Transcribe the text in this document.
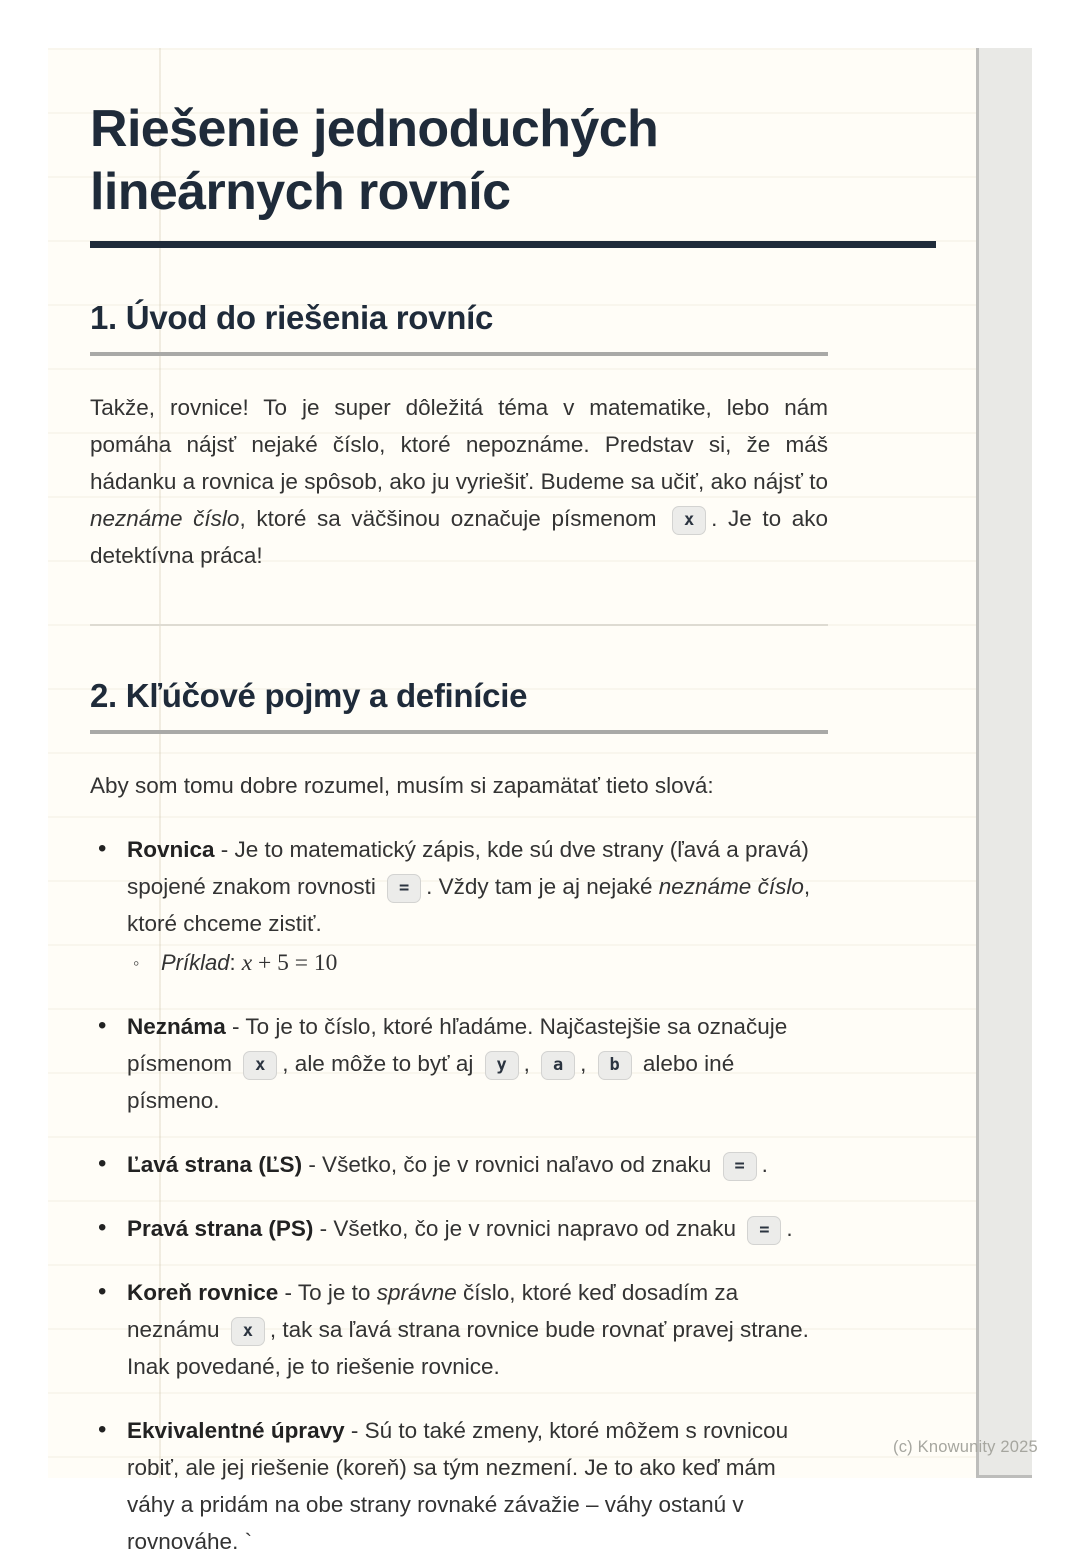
Riešenie jednoduchých lineárnych rovníc
1. Úvod do riešenia rovníc

Takže, rovnice! To je super dôležitá téma v matematike, lebo nám pomáha nájsť nejaké číslo, ktoré nepoznáme. Predstav si, že máš hádanku a rovnica je spôsob, ako ju vyriešiť. Budeme sa učiť, ako nájsť to neznáme číslo, ktoré sa väčšinou označuje písmenom x . Je to ako detektívna práca!

2. Kľúčové pojmy a definície

Aby som tomu dobre rozumel, musím si zapamätať tieto slová:

• Rovnica - Je to matematický zápis, kde sú dve strany (ľavá a pravá) spojené znakom rovnosti = . Vždy tam je aj nejaké neznáme číslo, ktoré chceme zistiť.
◦ Príklad: x + 5 = 10
• Neznáma - To je to číslo, ktoré hľadáme. Najčastejšie sa označuje písmenom x , ale môže to byť aj y , a , b alebo iné písmeno.
• Ľavá strana (ĽS) - Všetko, čo je v rovnici naľavo od znaku = .
• Pravá strana (PS) - Všetko, čo je v rovnici napravo od znaku = .
• Koreň rovnice - To je to správne číslo, ktoré keď dosadím za neznámu x , tak sa ľavá strana rovnice bude rovnať pravej strane. Inak povedané, je to riešenie rovnice.
• Ekvivalentné úpravy - Sú to také zmeny, ktoré môžem s rovnicou robiť, ale jej riešenie (koreň) sa tým nezmení. Je to ako keď mám váhy a pridám na obe strany rovnaké závažie – váhy ostanú v rovnováhe. `
(c) Knowunity 2025
